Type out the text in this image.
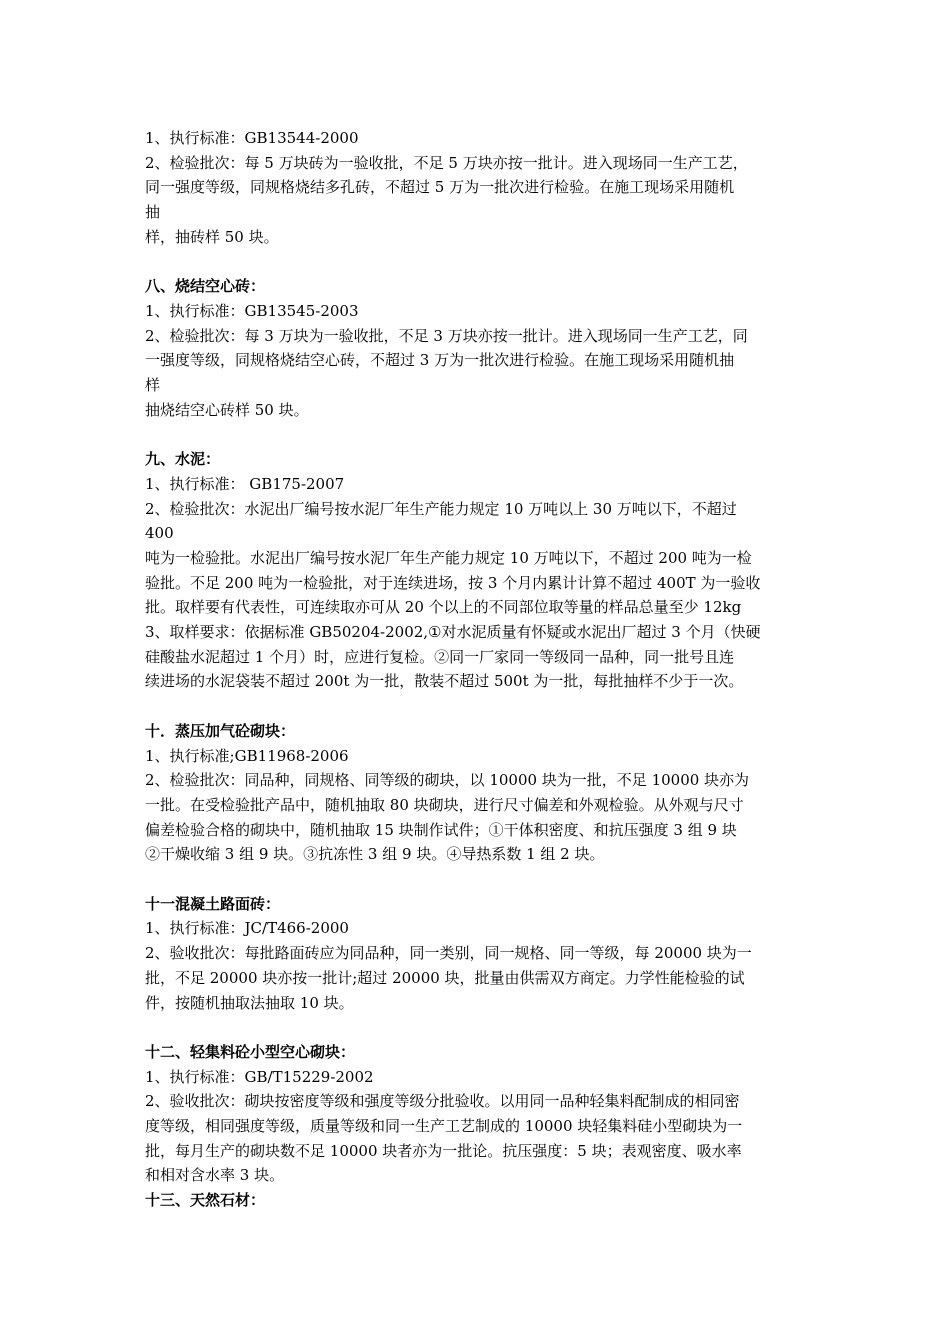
1、执行标准：GB13544-2000

2、检验批次：每 5 万块砖为一验收批，不足 5 万块亦按一批计。进入现场同一生产工艺，

同一强度等级，同规格烧结多孔砖，不超过 5 万为一批次进行检验。在施工现场采用随机

抽

样，抽砖样 50 块。

八、烧结空心砖：

1、执行标准：GB13545-2003

2、检验批次：每 3 万块为一验收批，不足 3 万块亦按一批计。进入现场同一生产工艺，同

一强度等级，同规格烧结空心砖，不超过 3 万为一批次进行检验。在施工现场采用随机抽

样

抽烧结空心砖样 50 块。

九、水泥：

1、执行标准： GB175-2007

2、检验批次：水泥出厂编号按水泥厂年生产能力规定 10 万吨以上 30 万吨以下，不超过

400

吨为一检验批。水泥出厂编号按水泥厂年生产能力规定 10 万吨以下，不超过 200 吨为一检

验批。不足 200 吨为一检验批，对于连续进场，按 3 个月内累计计算不超过 400T 为一验收

批。取样要有代表性，可连续取亦可从 20 个以上的不同部位取等量的样品总量至少 12kg

3、取样要求：依据标准 GB50204-2002,①对水泥质量有怀疑或水泥出厂超过 3 个月（快硬

硅酸盐水泥超过 1 个月）时，应进行复检。②同一厂家同一等级同一品种，同一批号且连

续进场的水泥袋装不超过 200t 为一批，散装不超过 500t 为一批，每批抽样不少于一次。

十．蒸压加气砼砌块：

1、执行标准;GB11968-2006

2、检验批次：同品种，同规格、同等级的砌块，以 10000 块为一批，不足 10000 块亦为

一批。在受检验批产品中，随机抽取 80 块砌块，进行尺寸偏差和外观检验。从外观与尺寸

偏差检验合格的砌块中，随机抽取 15 块制作试件；①干体积密度、和抗压强度 3 组 9 块

②干燥收缩 3 组 9 块。③抗冻性 3 组 9 块。④导热系数 1 组 2 块。

十一混凝土路面砖：

1、执行标准：JC/T466-2000

2、验收批次：每批路面砖应为同品种，同一类别，同一规格、同一等级，每 20000 块为一

批，不足 20000 块亦按一批计;超过 20000 块，批量由供需双方商定。力学性能检验的试

件，按随机抽取法抽取 10 块。

十二、轻集料砼小型空心砌块：

1、执行标准：GB/T15229-2002

2、验收批次：砌块按密度等级和强度等级分批验收。以用同一品种轻集料配制成的相同密

度等级，相同强度等级，质量等级和同一生产工艺制成的 10000 块轻集料硅小型砌块为一

批，每月生产的砌块数不足 10000 块者亦为一批论。抗压强度：5 块；表观密度、吸水率

和相对含水率 3 块。

十三、天然石材：
